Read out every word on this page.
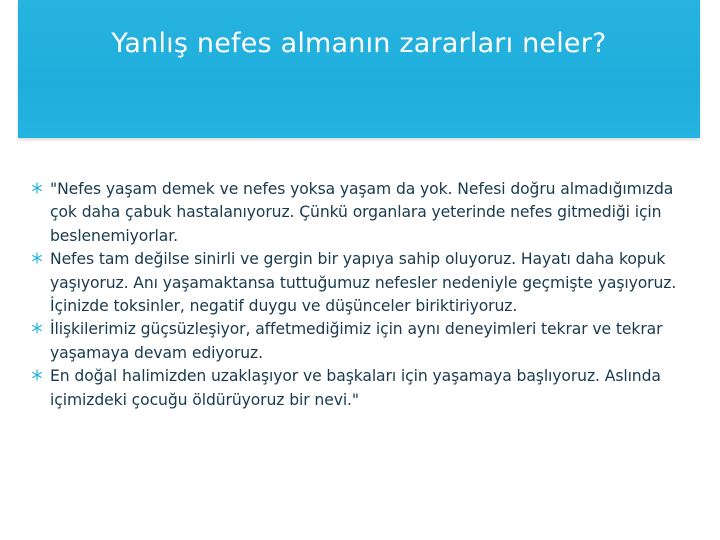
Yanlış nefes almanın zararları neler?
"Nefes yaşam demek ve nefes yoksa yaşam da yok. Nefesi doğru almadığımızda çok daha çabuk hastalanıyoruz. Çünkü organlara yeterinde nefes gitmediği için beslenemiyorlar.
Nefes tam değilse sinirli ve gergin bir yapıya sahip oluyoruz. Hayatı daha kopuk yaşıyoruz. Anı yaşamaktansa tuttuğumuz nefesler nedeniyle geçmişte yaşıyoruz. İçinizde toksinler, negatif duygu ve düşünceler biriktiriyoruz.
İlişkilerimiz güçsüzleşiyor, affetmediğimiz için aynı deneyimleri tekrar ve tekrar yaşamaya devam ediyoruz.
En doğal halimizden uzaklaşıyor ve başkaları için yaşamaya başlıyoruz. Aslında içimizdeki çocuğu öldürüyoruz bir nevi."
